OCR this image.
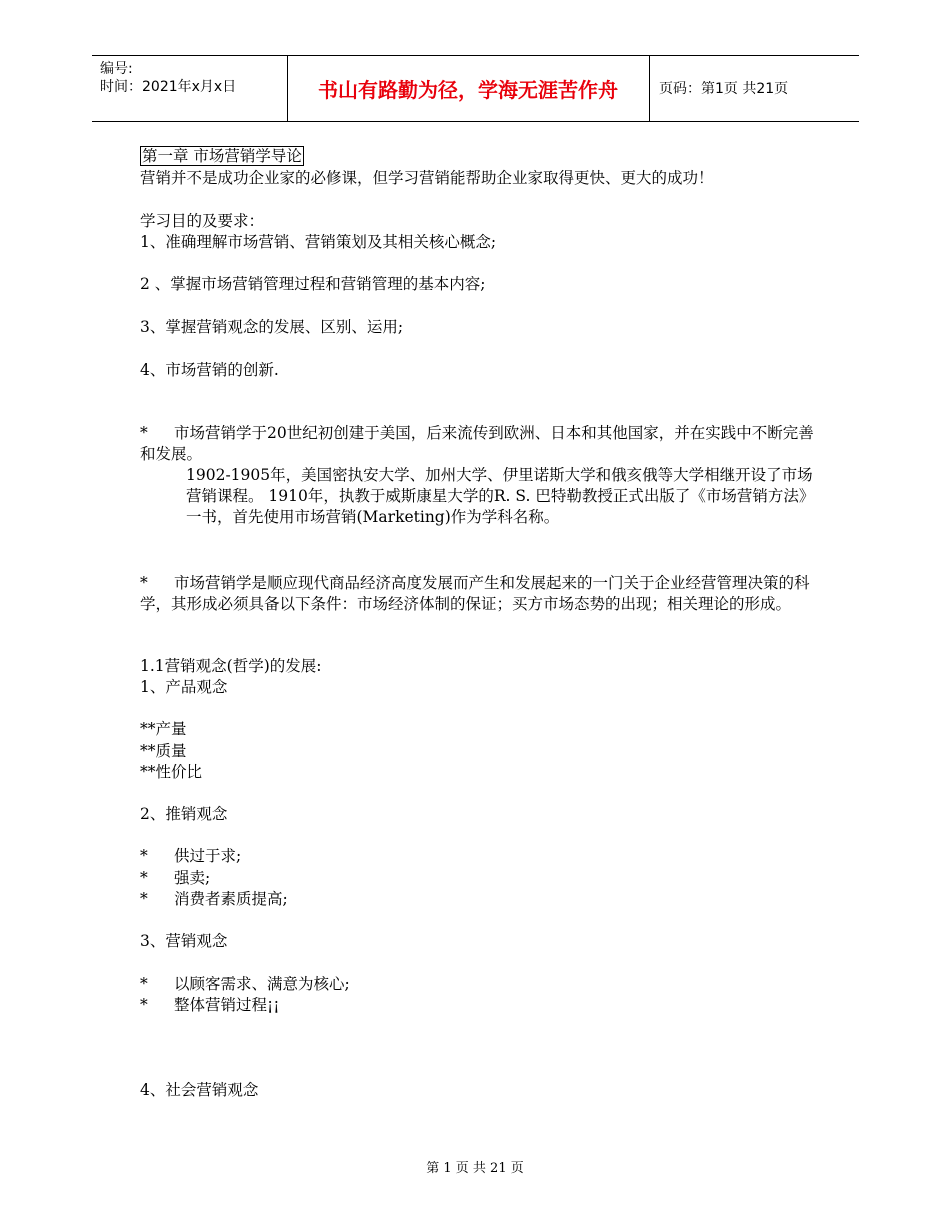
编号:
时间：2021年x月x日	书山有路勤为径，学海无涯苦作舟	页码：第1页 共21页
第一章 市场营销学导论
营销并不是成功企业家的必修课，但学习营销能帮助企业家取得更快、更大的成功！
学习目的及要求：
1、准确理解市场营销、营销策划及其相关核心概念;
2 、掌握市场营销管理过程和营销管理的基本内容;
3、掌握营销观念的发展、区别、运用;
4、市场营销的创新.
* 市场营销学于20世纪初创建于美国，后来流传到欧洲、日本和其他国家，并在实践中不断完善和发展。
1902-1905年，美国密执安大学、加州大学、伊里诺斯大学和俄亥俄等大学相继开设了市场营销课程。 1910年，执教于威斯康星大学的R. S. 巴特勒教授正式出版了《市场营销方法》一书，首先使用市场营销(Marketing)作为学科名称。
* 市场营销学是顺应现代商品经济高度发展而产生和发展起来的一门关于企业经营管理决策的科学，其形成必须具备以下条件：市场经济体制的保证；买方市场态势的出现；相关理论的形成。
1.1营销观念(哲学)的发展:
1、产品观念
**产量
**质量
**性价比
2、推销观念
* 供过于求;
* 强卖;
* 消费者素质提高;
3、营销观念
* 以顾客需求、满意为核心;
* 整体营销过程¡¡
4、社会营销观念
第 1 页 共 21 页
